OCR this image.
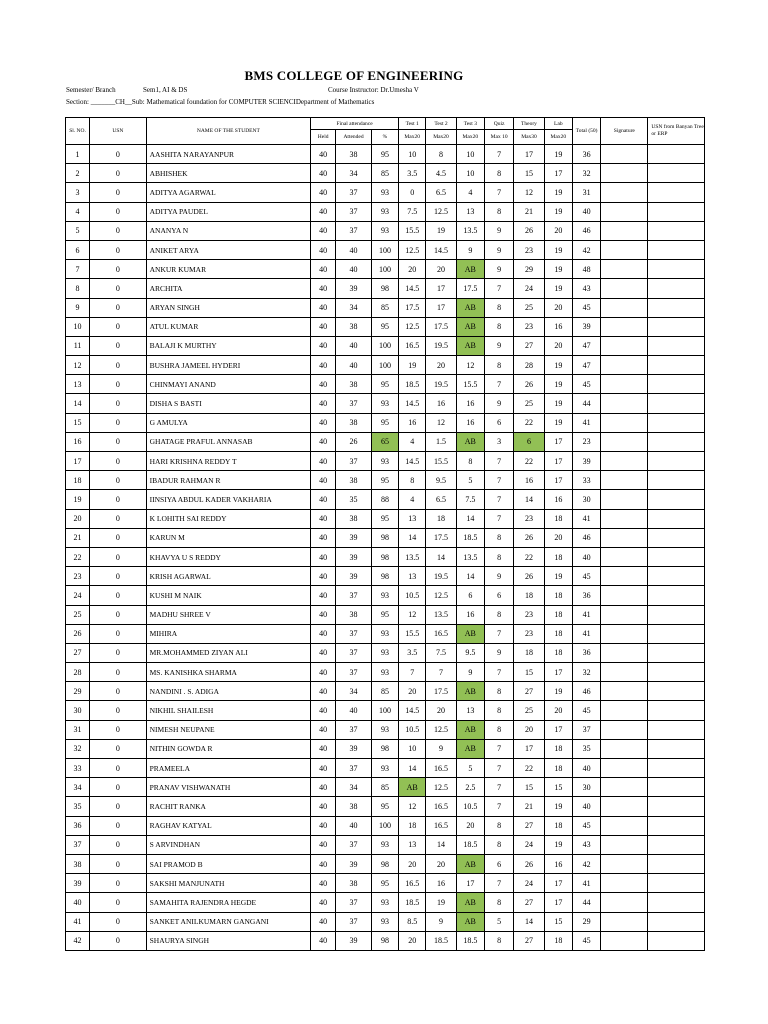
BMS COLLEGE OF ENGINEERING
Semester/ Branch	Sem1, AI & DS	Course Instructor: Dr.Umesha V
Section: _______CH__Sub: Mathematical foundation for COMPUTER SCIENCIDepartment of Mathematics
Sl. NO.	USN	NAME OF THE STUDENT	Final attendance			Test 1	Test 2	Test 3	Quiz	Theory	Lab	Total (50)	Signature	USN from Banyan Tree or ERP
			Held	Attended	%	Max20	Max20	Max20	Max 10	Max30	Max20			
1	0	AASHITA NARAYANPUR	40	38	95	10	8	10	7	17	19	36		
2	0	ABHISHEK	40	34	85	3.5	4.5	10	8	15	17	32		
3	0	ADITYA AGARWAL	40	37	93	0	6.5	4	7	12	19	31		
4	0	ADITYA PAUDEL	40	37	93	7.5	12.5	13	8	21	19	40		
5	0	ANANYA N	40	37	93	15.5	19	13.5	9	26	20	46		
6	0	ANIKET ARYA	40	40	100	12.5	14.5	9	9	23	19	42		
7	0	ANKUR KUMAR	40	40	100	20	20	AB	9	29	19	48		
8	0	ARCHITA	40	39	98	14.5	17	17.5	7	24	19	43		
9	0	ARYAN SINGH	40	34	85	17.5	17	AB	8	25	20	45		
10	0	ATUL KUMAR	40	38	95	12.5	17.5	AB	8	23	16	39		
11	0	BALAJI K MURTHY	40	40	100	16.5	19.5	AB	9	27	20	47		
12	0	BUSHRA JAMEEL HYDERI	40	40	100	19	20	12	8	28	19	47		
13	0	CHINMAYI ANAND	40	38	95	18.5	19.5	15.5	7	26	19	45		
14	0	DISHA S BASTI	40	37	93	14.5	16	16	9	25	19	44		
15	0	G AMULYA	40	38	95	16	12	16	6	22	19	41		
16	0	GHATAGE PRAFUL ANNASAB	40	26	65	4	1.5	AB	3	6	17	23		
17	0	HARI KRISHNA REDDY T	40	37	93	14.5	15.5	8	7	22	17	39		
18	0	IBADUR RAHMAN R	40	38	95	8	9.5	5	7	16	17	33		
19	0	IINSIYA ABDUL KADER VAKHARIA	40	35	88	4	6.5	7.5	7	14	16	30		
20	0	K LOHITH SAI REDDY	40	38	95	13	18	14	7	23	18	41		
21	0	KARUN M	40	39	98	14	17.5	18.5	8	26	20	46		
22	0	KHAVYA U S REDDY	40	39	98	13.5	14	13.5	8	22	18	40		
23	0	KRISH AGARWAL	40	39	98	13	19.5	14	9	26	19	45		
24	0	KUSHI M NAIK	40	37	93	10.5	12.5	6	6	18	18	36		
25	0	MADHU SHREE V	40	38	95	12	13.5	16	8	23	18	41		
26	0	MIHIRA	40	37	93	15.5	16.5	AB	7	23	18	41		
27	0	MR.MOHAMMED ZIYAN ALI	40	37	93	3.5	7.5	9.5	9	18	18	36		
28	0	MS. KANISHKA SHARMA	40	37	93	7	7	9	7	15	17	32		
29	0	NANDINI . S. ADIGA	40	34	85	20	17.5	AB	8	27	19	46		
30	0	NIKHIL SHAILESH	40	40	100	14.5	20	13	8	25	20	45		
31	0	NIMESH NEUPANE	40	37	93	10.5	12.5	AB	8	20	17	37		
32	0	NITHIN GOWDA R	40	39	98	10	9	AB	7	17	18	35		
33	0	PRAMEELA	40	37	93	14	16.5	5	7	22	18	40		
34	0	PRANAV VISHWANATH	40	34	85	AB	12.5	2.5	7	15	15	30		
35	0	RACHIT RANKA	40	38	95	12	16.5	10.5	7	21	19	40		
36	0	RAGHAV KATYAL	40	40	100	18	16.5	20	8	27	18	45		
37	0	S ARVINDHAN	40	37	93	13	14	18.5	8	24	19	43		
38	0	SAI PRAMOD B	40	39	98	20	20	AB	6	26	16	42		
39	0	SAKSHI MANJUNATH	40	38	95	16.5	16	17	7	24	17	41		
40	0	SAMAHITA RAJENDRA HEGDE	40	37	93	18.5	19	AB	8	27	17	44		
41	0	SANKET ANILKUMARN GANGANI	40	37	93	8.5	9	AB	5	14	15	29		
42	0	SHAURYA SINGH	40	39	98	20	18.5	18.5	8	27	18	45		
